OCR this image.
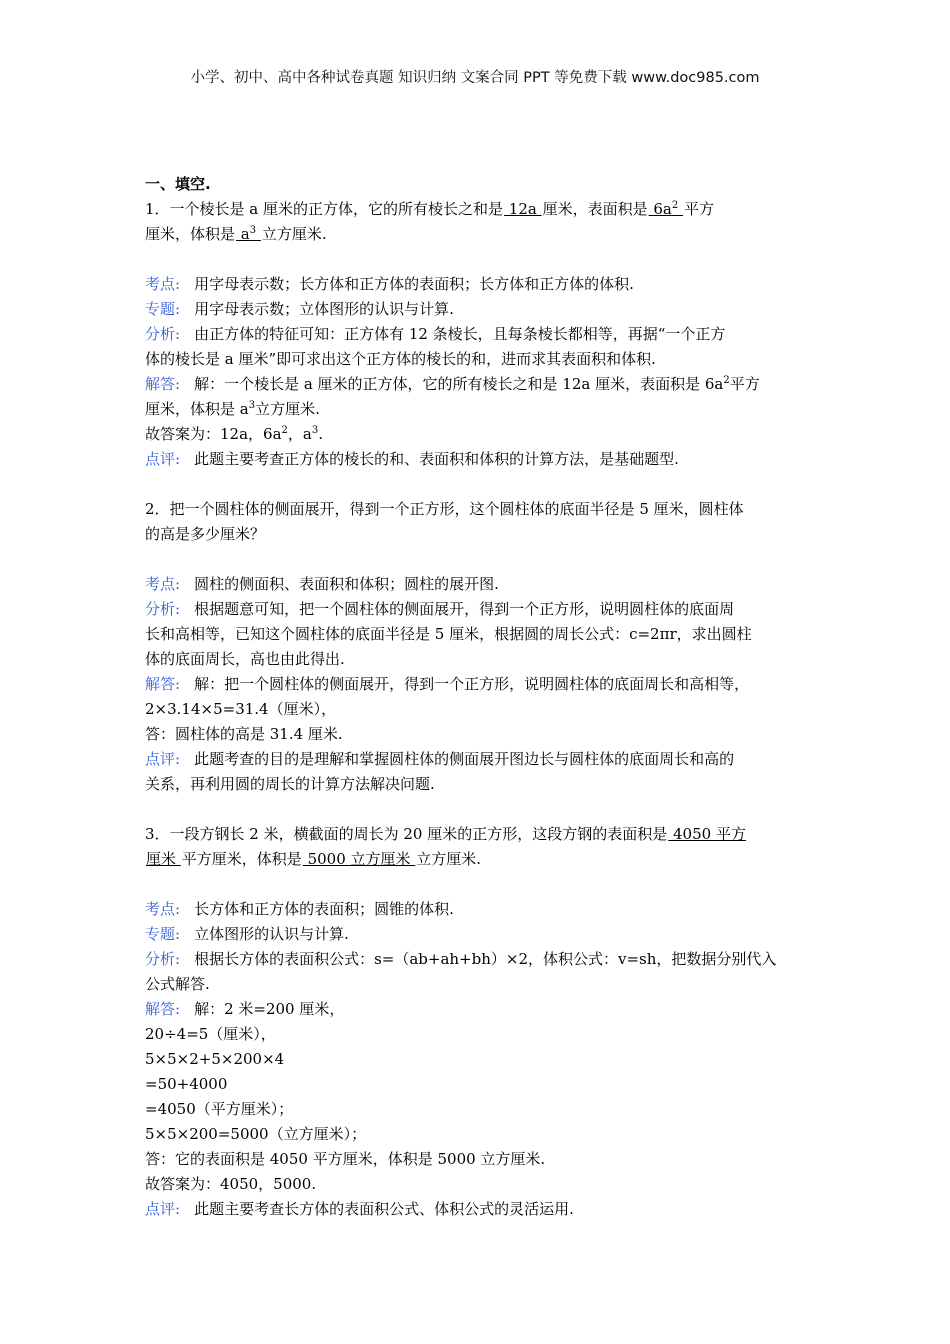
小学、初中、高中各种试卷真题 知识归纳 文案合同 PPT 等免费下载 www.doc985.com
一、填空.
1．一个棱长是 a 厘米的正方体，它的所有棱长之和是 12a 厘米，表面积是 $6a^2$ 平方
厘米，体积是 $a^3$ 立方厘米.
考点: 用字母表示数；长方体和正方体的表面积；长方体和正方体的体积.
专题: 用字母表示数；立体图形的认识与计算.
分析: 由正方体的特征可知：正方体有 12 条棱长，且每条棱长都相等，再据“一个正方
体的棱长是 a 厘米”即可求出这个正方体的棱长的和，进而求其表面积和体积.
解答: 解：一个棱长是 a 厘米的正方体，它的所有棱长之和是 12a 厘米，表面积是 $6a^2$平方
厘米，体积是 $a^3$立方厘米.
故答案为：12a，$6a^2$，$a^3$.
点评: 此题主要考查正方体的棱长的和、表面积和体积的计算方法，是基础题型.
2．把一个圆柱体的侧面展开，得到一个正方形，这个圆柱体的底面半径是 5 厘米，圆柱体
的高是多少厘米？
考点: 圆柱的侧面积、表面积和体积；圆柱的展开图.
分析: 根据题意可知，把一个圆柱体的侧面展开，得到一个正方形，说明圆柱体的底面周
长和高相等，已知这个圆柱体的底面半径是 5 厘米，根据圆的周长公式：c=2πr，求出圆柱
体的底面周长，高也由此得出.
解答: 解：把一个圆柱体的侧面展开，得到一个正方形，说明圆柱体的底面周长和高相等，
2×3.14×5=31.4（厘米），
答：圆柱体的高是 31.4 厘米.
点评: 此题考查的目的是理解和掌握圆柱体的侧面展开图边长与圆柱体的底面周长和高的
关系，再利用圆的周长的计算方法解决问题.
3．一段方钢长 2 米，横截面的周长为 20 厘米的正方形，这段方钢的表面积是 4050 平方
厘米 平方厘米，体积是 5000 立方厘米 立方厘米.
考点: 长方体和正方体的表面积；圆锥的体积.
专题: 立体图形的认识与计算.
分析: 根据长方体的表面积公式：s=（ab+ah+bh）×2，体积公式：v=sh，把数据分别代入
公式解答.
解答: 解：2 米=200 厘米，
20÷4=5（厘米），
5×5×2+5×200×4
=50+4000
=4050（平方厘米）；
5×5×200=5000（立方厘米）；
答：它的表面积是 4050 平方厘米，体积是 5000 立方厘米.
故答案为：4050，5000.
点评: 此题主要考查长方体的表面积公式、体积公式的灵活运用.
